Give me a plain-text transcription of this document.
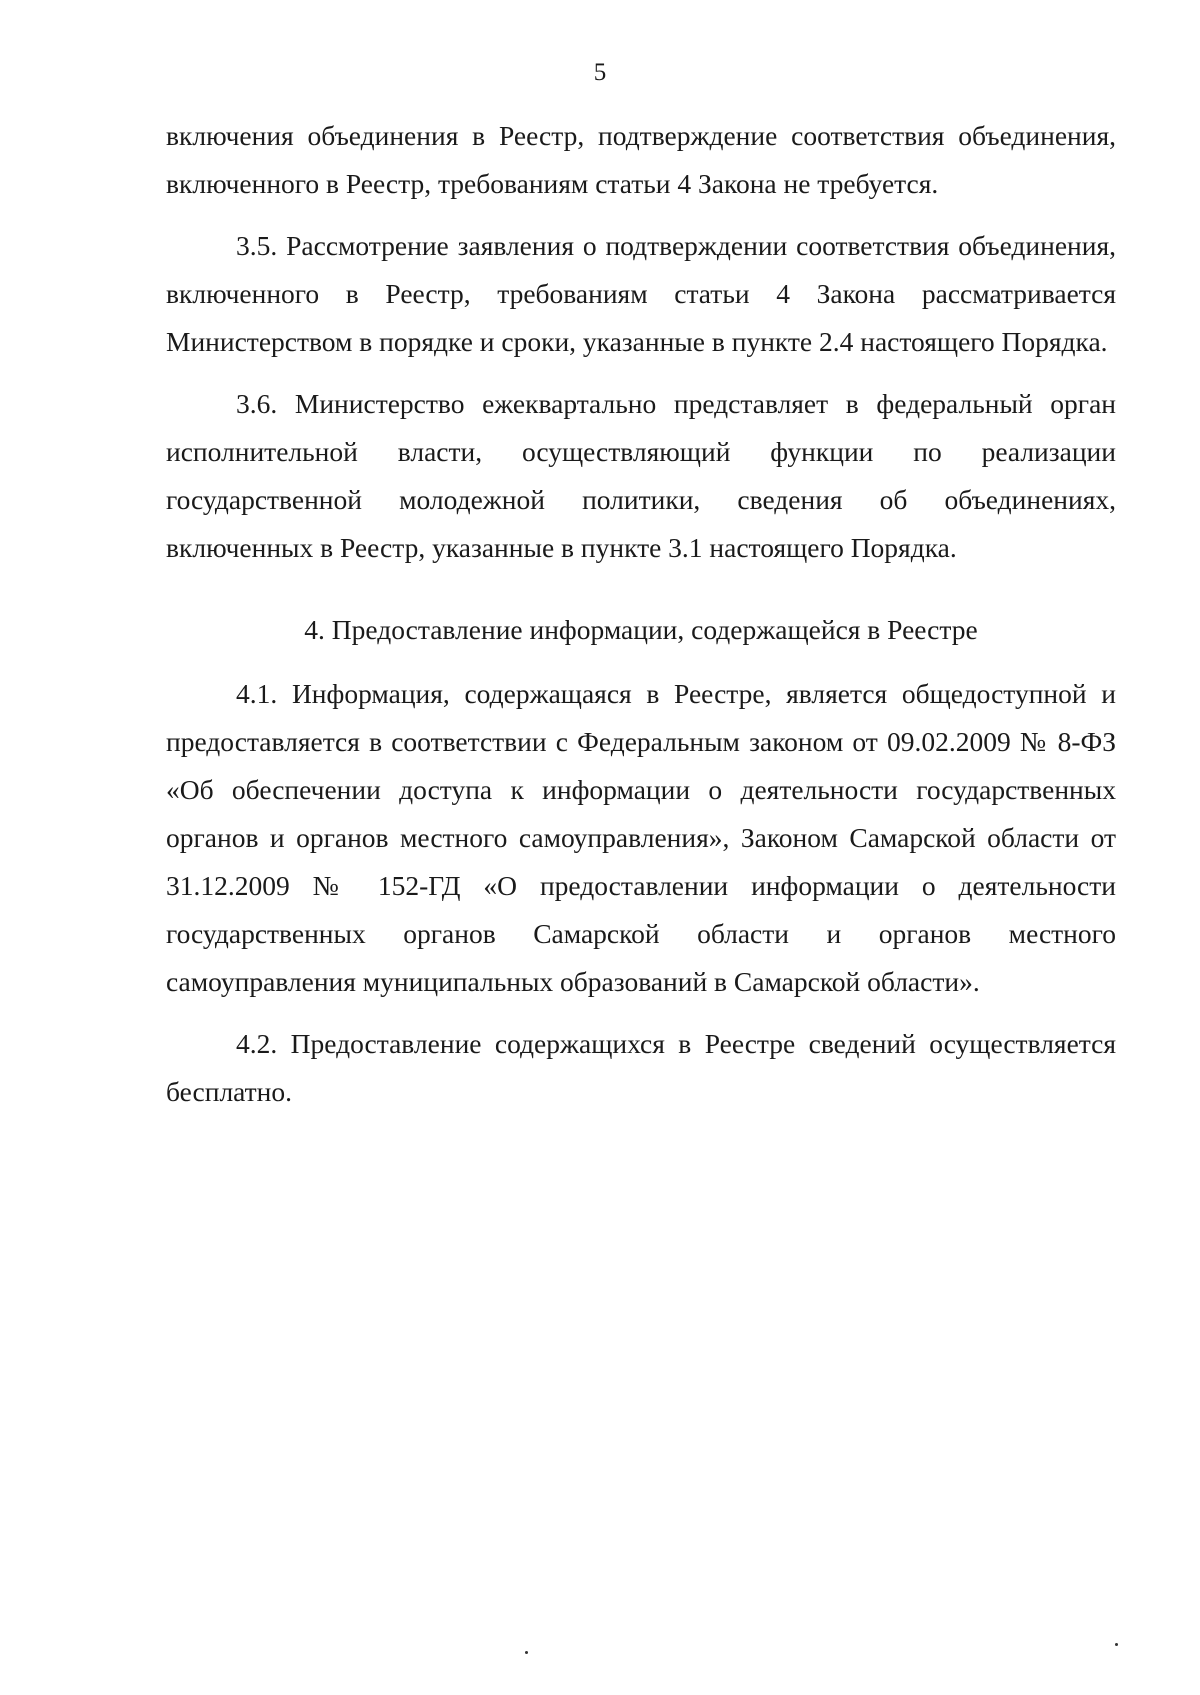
5

включения объединения в Реестр, подтверждение соответствия объединения, включенного в Реестр, требованиям статьи 4 Закона не требуется.

3.5. Рассмотрение заявления о подтверждении соответствия объединения, включенного в Реестр, требованиям статьи 4 Закона рассматривается Министерством в порядке и сроки, указанные в пункте 2.4 настоящего Порядка.

3.6. Министерство ежеквартально представляет в федеральный орган исполнительной власти, осуществляющий функции по реализации государственной молодежной политики, сведения об объединениях, включенных в Реестр, указанные в пункте 3.1 настоящего Порядка.

4. Предоставление информации, содержащейся в Реестре

4.1. Информация, содержащаяся в Реестре, является общедоступной и предоставляется в соответствии с Федеральным законом от 09.02.2009 № 8-ФЗ «Об обеспечении доступа к информации о деятельности государственных органов и органов местного самоуправления», Законом Самарской области от 31.12.2009 № 152-ГД «О предоставлении информации о деятельности государственных органов Самарской области и органов местного самоуправления муниципальных образований в Самарской области».

4.2. Предоставление содержащихся в Реестре сведений осуществляется бесплатно.
